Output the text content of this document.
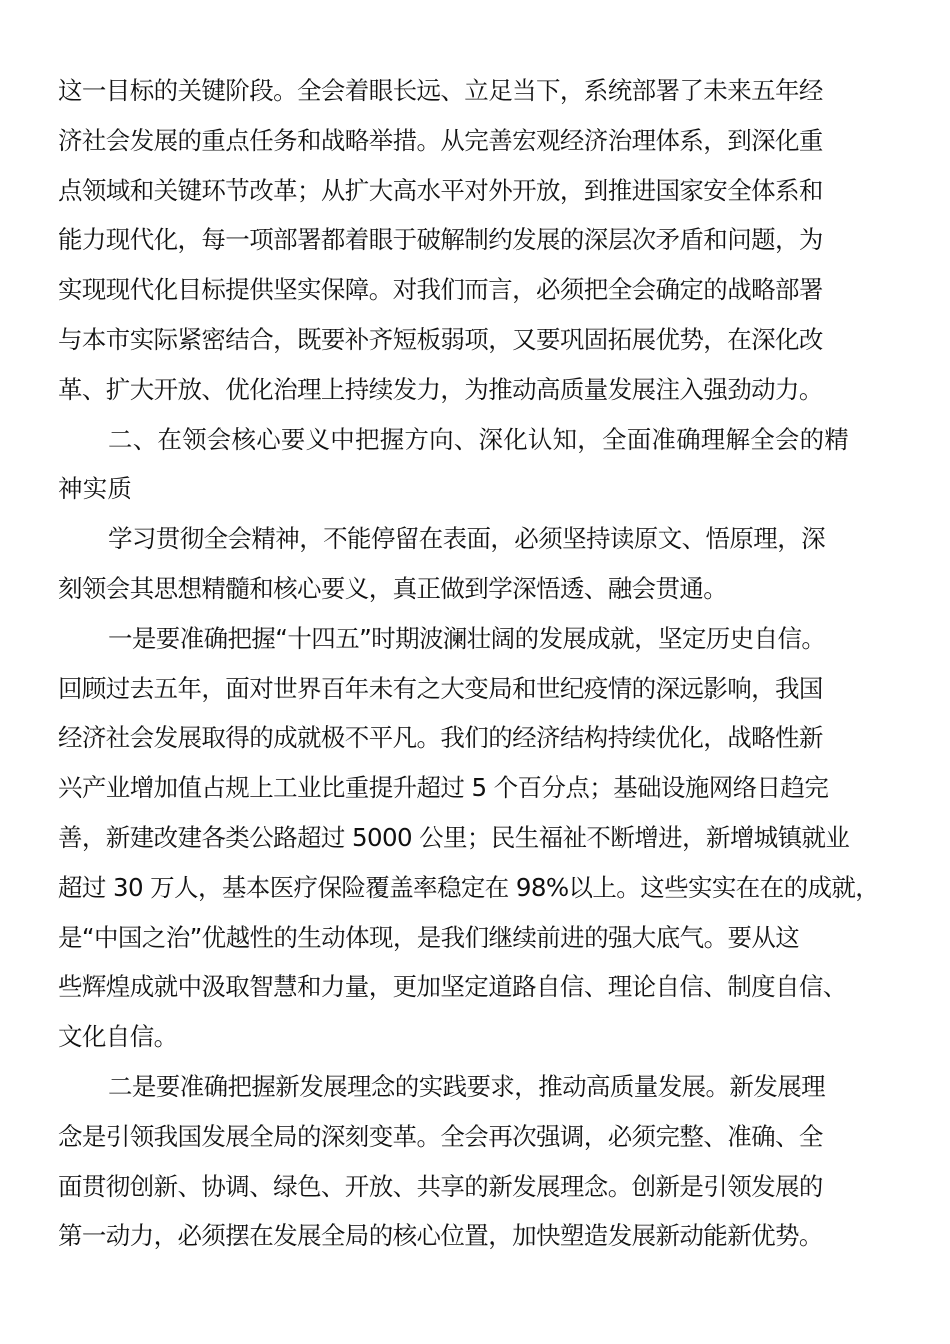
这一目标的关键阶段。全会着眼长远、立足当下，系统部署了未来五年经
济社会发展的重点任务和战略举措。从完善宏观经济治理体系，到深化重
点领域和关键环节改革；从扩大高水平对外开放，到推进国家安全体系和
能力现代化，每一项部署都着眼于破解制约发展的深层次矛盾和问题，为
实现现代化目标提供坚实保障。对我们而言，必须把全会确定的战略部署
与本市实际紧密结合，既要补齐短板弱项，又要巩固拓展优势，在深化改
革、扩大开放、优化治理上持续发力，为推动高质量发展注入强劲动力。
二、在领会核心要义中把握方向、深化认知，全面准确理解全会的精
神实质
学习贯彻全会精神，不能停留在表面，必须坚持读原文、悟原理，深
刻领会其思想精髓和核心要义，真正做到学深悟透、融会贯通。
一是要准确把握“十四五”时期波澜壮阔的发展成就，坚定历史自信。
回顾过去五年，面对世界百年未有之大变局和世纪疫情的深远影响，我国
经济社会发展取得的成就极不平凡。我们的经济结构持续优化，战略性新
兴产业增加值占规上工业比重提升超过 5 个百分点；基础设施网络日趋完
善，新建改建各类公路超过 5000 公里；民生福祉不断增进，新增城镇就业
超过 30 万人，基本医疗保险覆盖率稳定在 98%以上。这些实实在在的成就，
是“中国之治”优越性的生动体现，是我们继续前进的强大底气。要从这
些辉煌成就中汲取智慧和力量，更加坚定道路自信、理论自信、制度自信、
文化自信。
二是要准确把握新发展理念的实践要求，推动高质量发展。新发展理
念是引领我国发展全局的深刻变革。全会再次强调，必须完整、准确、全
面贯彻创新、协调、绿色、开放、共享的新发展理念。创新是引领发展的
第一动力，必须摆在发展全局的核心位置，加快塑造发展新动能新优势。
